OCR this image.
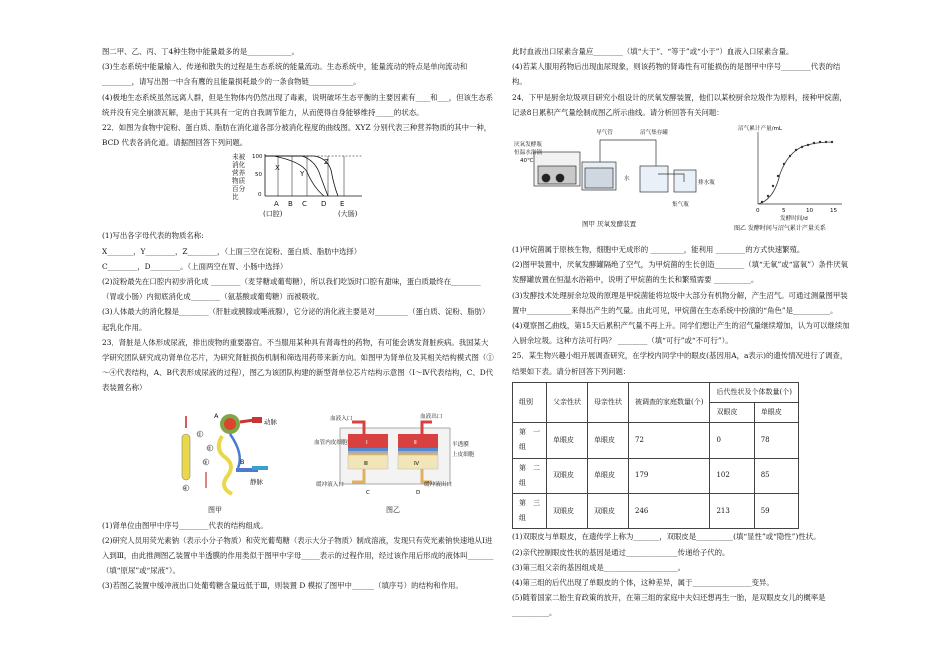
图二甲、乙、丙、丁4种生物中能量最多的是____________。

(3)生态系统中能量输入、传递和散失的过程是生态系统的能量流动。生态系统中，能量流动的特点是单向流动和________，请写出图一中含有鹰的且能量损耗最少的一条食物链____________。

(4)极地生态系统虽然远离人群，但是生物体内仍然出现了毒素，说明破坏生态平衡的主要因素有____和___，但该生态系统并没有完全崩溃瓦解，是由于其具有一定的自我调节能力，从而使得自身能够维持_____的状态。

22．如图为食物中淀粉、蛋白质、脂肪在消化道各部分被消化程度的曲线图。XYZ 分别代表三种营养物质的其中一种，BCD 代表各消化道。请据图回答下列问题。

未被
消化
营养
物质
百分
比
100
50
0
X
Y
Z
A B C D E
(口腔)	(大肠)

(1)写出各字母代表的物质名称:

X_______，Y________，Z________，（上面三空在淀粉、蛋白质、脂肪中选择）

C________，D________。（上面两空在胃、小肠中选择）

(2)淀粉最先在口腔内初步消化成 ________（麦芽糖或葡萄糖），所以我们吃饭时口腔有甜味，蛋白质最终在________（胃或小肠）内彻底消化成________（氨基酸或葡萄糖）而被吸收。

(3)人体最大的消化腺是________（肝脏或胰腺或唾液腺），它分泌的消化液主要是对_________（蛋白质、淀粉、脂肪）起乳化作用。

23．肾脏是人体形成尿液，排出废物的重要器官。不当服用某种具有肾毒性的药物，有可能会诱发肾脏疾病。我国某大学研究团队研究成功肾单位芯片，为研究肾脏损伤机制和筛选用药带来新方向。如图甲为肾单位及其相关结构模式图（①～④代表结构，A、B代表形成尿液的过程），图乙为该团队构建的新型肾单位芯片结构示意图（Ⅰ～Ⅳ代表结构，C、D代表装置名称）

A
B
①
②
③
④
动脉
静脉
图甲
血液入口	血液出口
血管内皮细胞	半透膜
上皮细胞
缓冲液入口	缓冲液出口
C	D
Ⅰ	Ⅱ
Ⅲ	Ⅳ
图乙

(1)肾单位由图甲中序号________代表的结构组成。

(2)研究人员用荧光素钠（表示小分子物质）和荧光葡萄糖（表示大分子物质）制成溶液，发现只有荧光素钠快速地从Ⅰ进入到Ⅲ，由此推测图乙装置中半透膜的作用类似于图甲中字母_____表示的过程作用，经过该作用后形成的液体叫_______（填“原尿”或“尿液”）。

(3)若图乙装置中缓冲液出口处葡萄糖含量远低于Ⅲ，则装置 D 模拟了图甲中______（填序号）的结构和作用。

此时血液出口尿素含量应________（填“大于”、“等于”或“小于”）血液入口尿素含量。

(4)若某人服用药物后出现血尿现象，则该药物的肾毒性有可能损伤的是图甲中序号________代表的结构。

24．下甲是厨余垃圾项目研究小组设计的厌氧发酵装置，他们以某校厨余垃圾作为原料，接种甲烷菌，记录8日累积产气量绘制成图乙所示曲线。请分析回答有关问题：

厌氧发酵瓶
恒温水浴锅
40℃
导气管	沼气集存罐
水
排水瓶
集气瓶
图甲 厌氧发酵装置
沼气累计产量/mL
0	5	10	15
发酵时间/d
图乙 发酵时间与沼气累计产量关系

(1)甲烷菌属于原核生物，细胞中无成形的 _________，能利用 ________的方式快速繁殖。

(2)图甲装置中，厌氧发酵罐隔绝了空气，为甲烷菌的生长创造________（填“无氧”或“富氧”）条件厌氧发酵罐放置在恒温水浴箱中，说明了甲烷菌的生长和繁殖需要 __________。

(3)发酵技术处理厨余垃圾的原理是甲烷菌能将垃圾中大部分有机物分解，产生沼气。可通过测量图甲装置中____________来得出产生的气量。由此可见，甲烷菌在生态系统中扮演的“角色”是__________。

(4)观察图乙曲线，第15天后累积产气量不再上升。同学们想让产生的沼气量继续增加，认为可以继续加入厨余垃圾。这种方法可行吗？ ________（填“可行”或“不可行”）。

25．某生物兴趣小组开展调查研究，在学校内同学中的眼皮(基因用A，a表示)的遗传情况进行了调查，结果如下表。请分析回答下列问题：

组别	父亲性状	母亲性状	被调查的家庭数量(个)	后代性状及个体数量(个)	
				双眼皮	单眼皮
第　一
组	单眼皮	单眼皮	72	0	78
第　二
组	双眼皮	单眼皮	179	102	85
第　三
组	双眼皮	双眼皮	246	213	59

(1)双眼皮与单眼皮，在遗传学上称为_______，双眼皮是__________(填“显性”或“隐性”)性状。

(2)亲代控制眼皮性状的基因是通过______________传递给子代的。

(3)第三组父亲的基因组成是____________________。

(4)第三组的后代出现了单眼皮的个体，这种差异，属于________________变异。

(5)随着国家二胎生育政策的放开，在第三组的家庭中夫妇还想再生一胎，是双眼皮女儿的概率是__________。
